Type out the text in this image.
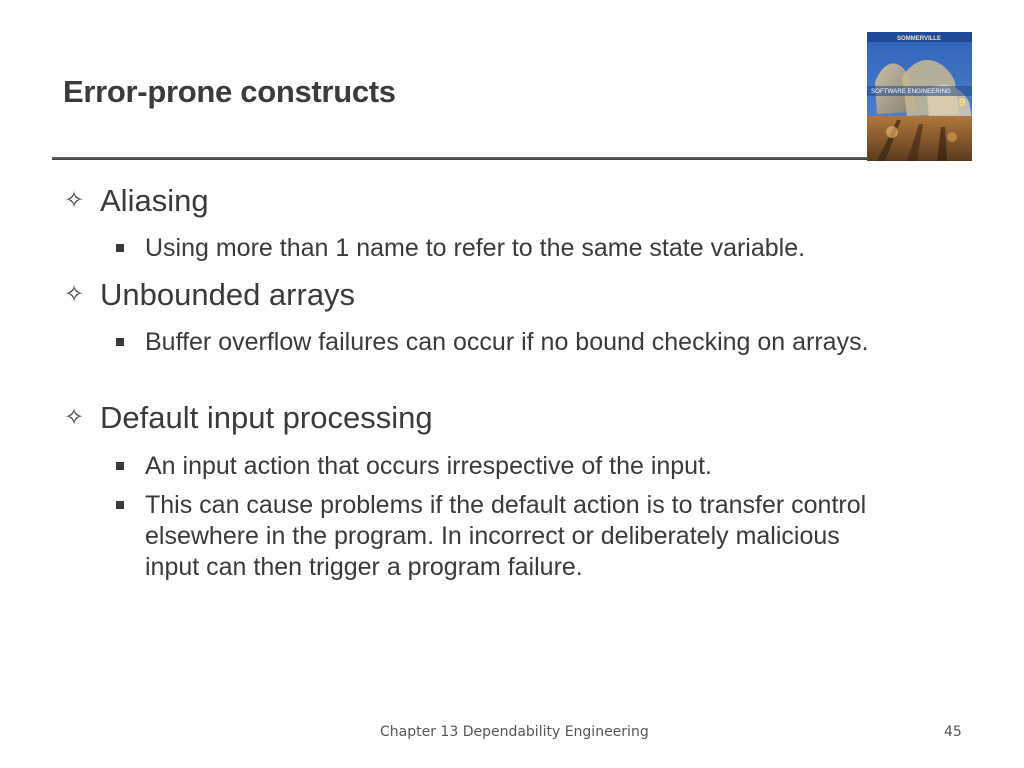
Error-prone constructs
SOMMERVILLE
SOFTWARE ENGINEERING
9
✧ Aliasing
Using more than 1 name to refer to the same state variable.
✧ Unbounded arrays
Buffer overflow failures can occur if no bound checking on arrays.
✧ Default input processing
An input action that occurs irrespective of the input.
This can cause problems if the default action is to transfer control elsewhere in the program. In incorrect or deliberately malicious input can then trigger a program failure.
Chapter 13 Dependability Engineering	45
